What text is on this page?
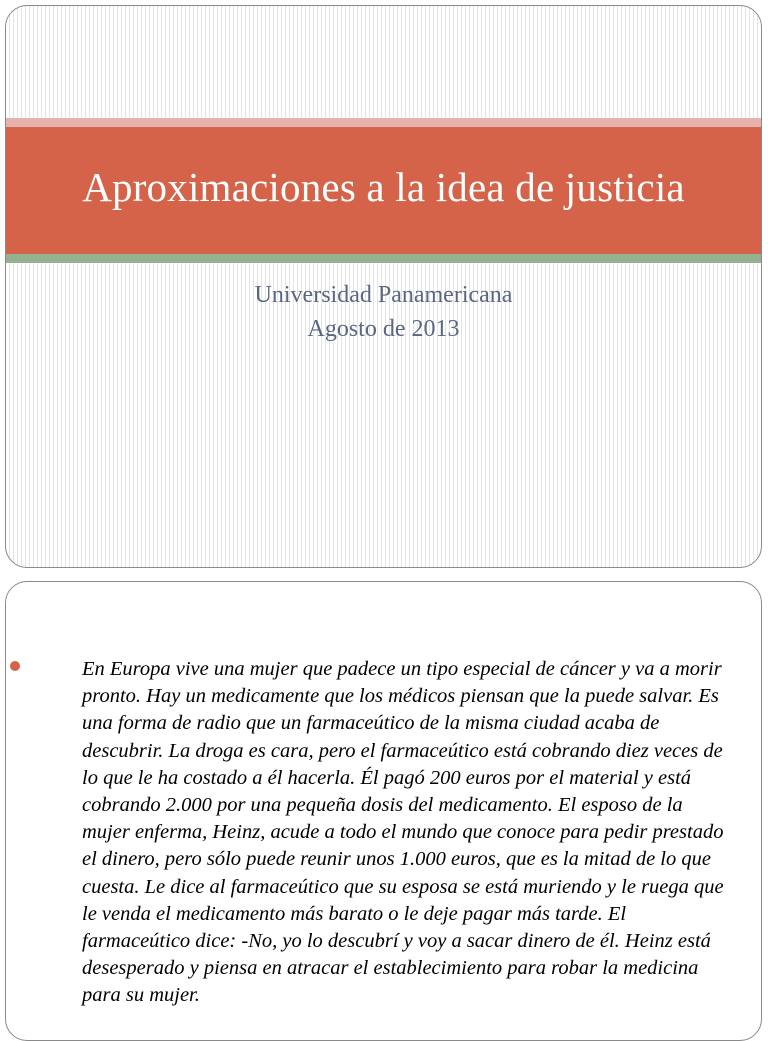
Aproximaciones a la idea de justicia
Universidad Panamericana
Agosto de 2013

En Europa vive una mujer que padece un tipo especial de cáncer y va a morir pronto. Hay un medicamente que los médicos piensan que la puede salvar. Es una forma de radio que un farmaceútico de la misma ciudad acaba de descubrir. La droga es cara, pero el farmaceútico está cobrando diez veces de lo que le ha costado a él hacerla. Él pagó 200 euros por el material y está cobrando 2.000 por una pequeña dosis del medicamento. El esposo de la mujer enferma, Heinz, acude a todo el mundo que conoce para pedir prestado el dinero, pero sólo puede reunir unos 1.000 euros, que es la mitad de lo que cuesta. Le dice al farmaceútico que su esposa se está muriendo y le ruega que le venda el medicamento más barato o le deje pagar más tarde. El farmaceútico dice: -No, yo lo descubrí y voy a sacar dinero de él. Heinz está desesperado y piensa en atracar el establecimiento para robar la medicina para su mujer.
